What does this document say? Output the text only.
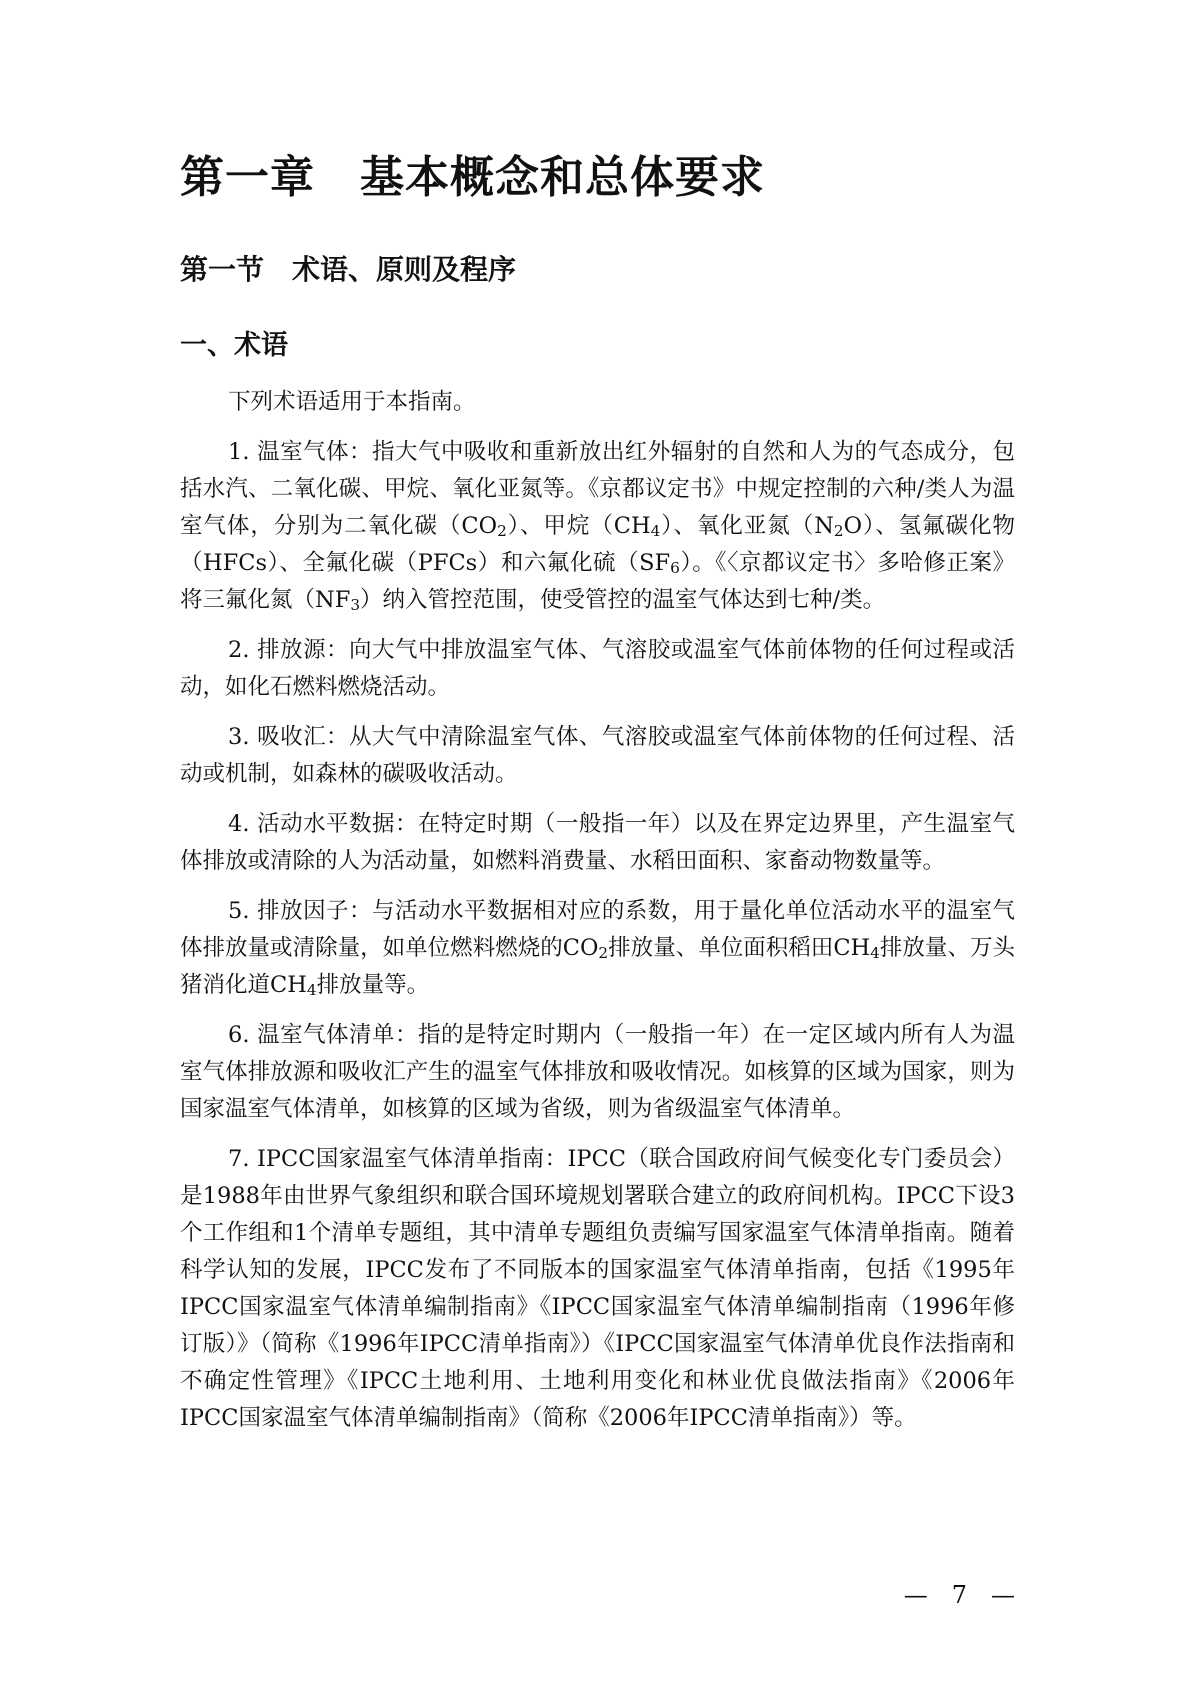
第一章　基本概念和总体要求
第一节　术语、原则及程序
一、术语

下列术语适用于本指南。

1. 温室气体：指大气中吸收和重新放出红外辐射的自然和人为的气态成分，包括水汽、二氧化碳、甲烷、氧化亚氮等。《京都议定书》中规定控制的六种/类人为温室气体，分别为二氧化碳$(CO_2)$、甲烷$(CH_4)$、氧化亚氮$(N_2O)$、氢氟碳化物（HFCs）、全氟化碳（PFCs）和六氟化硫$(SF_6)$。《〈京都议定书〉多哈修正案》将三氟化氮$(NF_3)$纳入管控范围，使受管控的温室气体达到七种/类。

2. 排放源：向大气中排放温室气体、气溶胶或温室气体前体物的任何过程或活动，如化石燃料燃烧活动。

3. 吸收汇：从大气中清除温室气体、气溶胶或温室气体前体物的任何过程、活动或机制，如森林的碳吸收活动。

4. 活动水平数据：在特定时期（一般指一年）以及在界定边界里，产生温室气体排放或清除的人为活动量，如燃料消费量、水稻田面积、家畜动物数量等。

5. 排放因子：与活动水平数据相对应的系数，用于量化单位活动水平的温室气体排放量或清除量，如单位燃料燃烧的$CO_2$排放量、单位面积稻田$CH_4$排放量、万头猪消化道$CH_4$排放量等。

6. 温室气体清单：指的是特定时期内（一般指一年）在一定区域内所有人为温室气体排放源和吸收汇产生的温室气体排放和吸收情况。如核算的区域为国家，则为国家温室气体清单，如核算的区域为省级，则为省级温室气体清单。

7. IPCC国家温室气体清单指南：IPCC（联合国政府间气候变化专门委员会）是1988年由世界气象组织和联合国环境规划署联合建立的政府间机构。IPCC下设3个工作组和1个清单专题组，其中清单专题组负责编写国家温室气体清单指南。随着科学认知的发展，IPCC发布了不同版本的国家温室气体清单指南，包括《1995年IPCC国家温室气体清单编制指南》《IPCC国家温室气体清单编制指南（1996年修订版）》（简称《1996年IPCC清单指南》）《IPCC国家温室气体清单优良作法指南和不确定性管理》《IPCC土地利用、土地利用变化和林业优良做法指南》《2006年IPCC国家温室气体清单编制指南》（简称《2006年IPCC清单指南》）等。

—　7　—
